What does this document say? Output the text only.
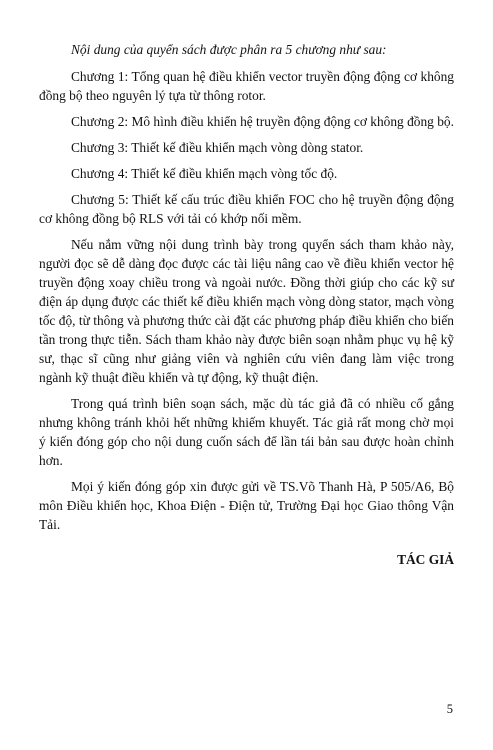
Nội dung của quyển sách được phân ra 5 chương như sau:

Chương 1: Tổng quan hệ điều khiển vector truyền động động cơ không đồng bộ theo nguyên lý tựa từ thông rotor.

Chương 2: Mô hình điều khiển hệ truyền động động cơ không đồng bộ.

Chương 3: Thiết kế điều khiển mạch vòng dòng stator.

Chương 4: Thiết kế điều khiển mạch vòng tốc độ.

Chương 5: Thiết kế cấu trúc điều khiển FOC cho hệ truyền động động cơ không đồng bộ RLS với tải có khớp nối mềm.

Nếu nắm vững nội dung trình bày trong quyển sách tham khảo này, người đọc sẽ dễ dàng đọc được các tài liệu nâng cao về điều khiển vector hệ truyền động xoay chiều trong và ngoài nước. Đồng thời giúp cho các kỹ sư điện áp dụng được các thiết kế điều khiển mạch vòng dòng stator, mạch vòng tốc độ, từ thông và phương thức cài đặt các phương pháp điều khiển cho biến tần trong thực tiễn. Sách tham khảo này được biên soạn nhằm phục vụ hệ kỹ sư, thạc sĩ cũng như giảng viên và nghiên cứu viên đang làm việc trong ngành kỹ thuật điều khiển và tự động, kỹ thuật điện.

Trong quá trình biên soạn sách, mặc dù tác giả đã có nhiều cố gắng nhưng không tránh khỏi hết những khiếm khuyết. Tác giả rất mong chờ mọi ý kiến đóng góp cho nội dung cuốn sách để lần tái bản sau được hoàn chỉnh hơn.

Mọi ý kiến đóng góp xin được gửi về TS.Võ Thanh Hà, P 505/A6, Bộ môn Điều khiển học, Khoa Điện - Điện tử, Trường Đại học Giao thông Vận Tải.

TÁC GIẢ
5
